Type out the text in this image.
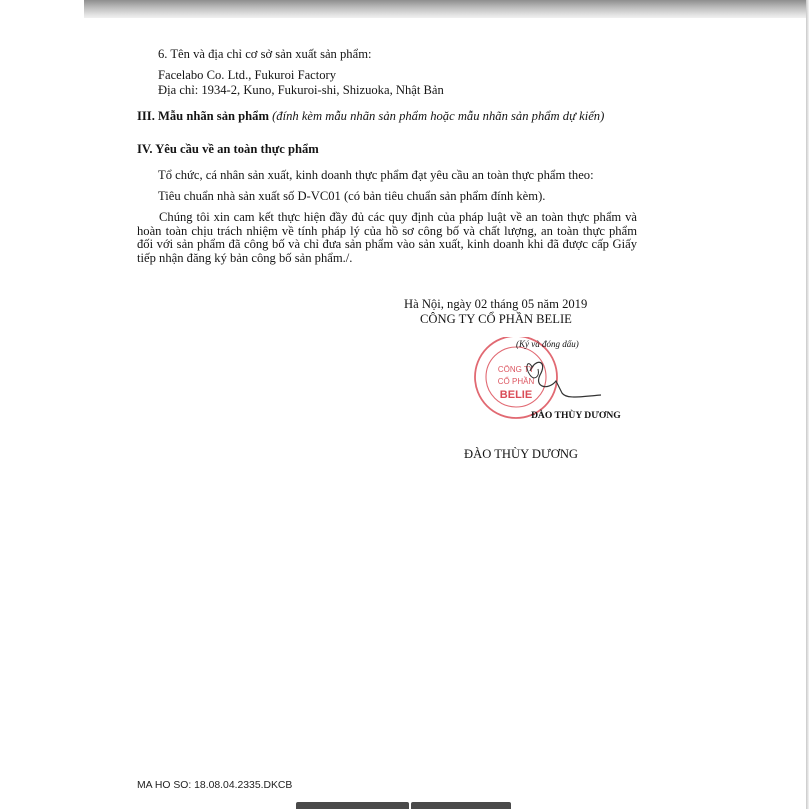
6. Tên và địa chỉ cơ sở sản xuất sản phẩm:
Facelabo Co. Ltd., Fukuroi Factory
Địa chỉ: 1934-2, Kuno, Fukuroi-shi, Shizuoka, Nhật Bản
III. Mẫu nhãn sản phẩm (đính kèm mẫu nhãn sản phẩm hoặc mẫu nhãn sản phẩm dự kiến)
IV. Yêu cầu về an toàn thực phẩm
Tổ chức, cá nhân sản xuất, kinh doanh thực phẩm đạt yêu cầu an toàn thực phẩm theo:
Tiêu chuẩn nhà sản xuất số D-VC01 (có bản tiêu chuẩn sản phẩm đính kèm).
Chúng tôi xin cam kết thực hiện đầy đủ các quy định của pháp luật về an toàn thực phẩm và hoàn toàn chịu trách nhiệm về tính pháp lý của hồ sơ công bố và chất lượng, an toàn thực phẩm đối với sản phẩm đã công bố và chỉ đưa sản phẩm vào sản xuất, kinh doanh khi đã được cấp Giấy tiếp nhận đăng ký bản công bố sản phẩm./.
Hà Nội, ngày 02 tháng 05 năm 2019
CÔNG TY CỔ PHẦN BELIE
CÔNG TY
CỔ PHẦN
BELIE
(Ký và đóng dấu)
ĐÀO THÙY DƯƠNG
ĐÀO THÙY DƯƠNG
MA HO SO: 18.08.04.2335.DKCB
